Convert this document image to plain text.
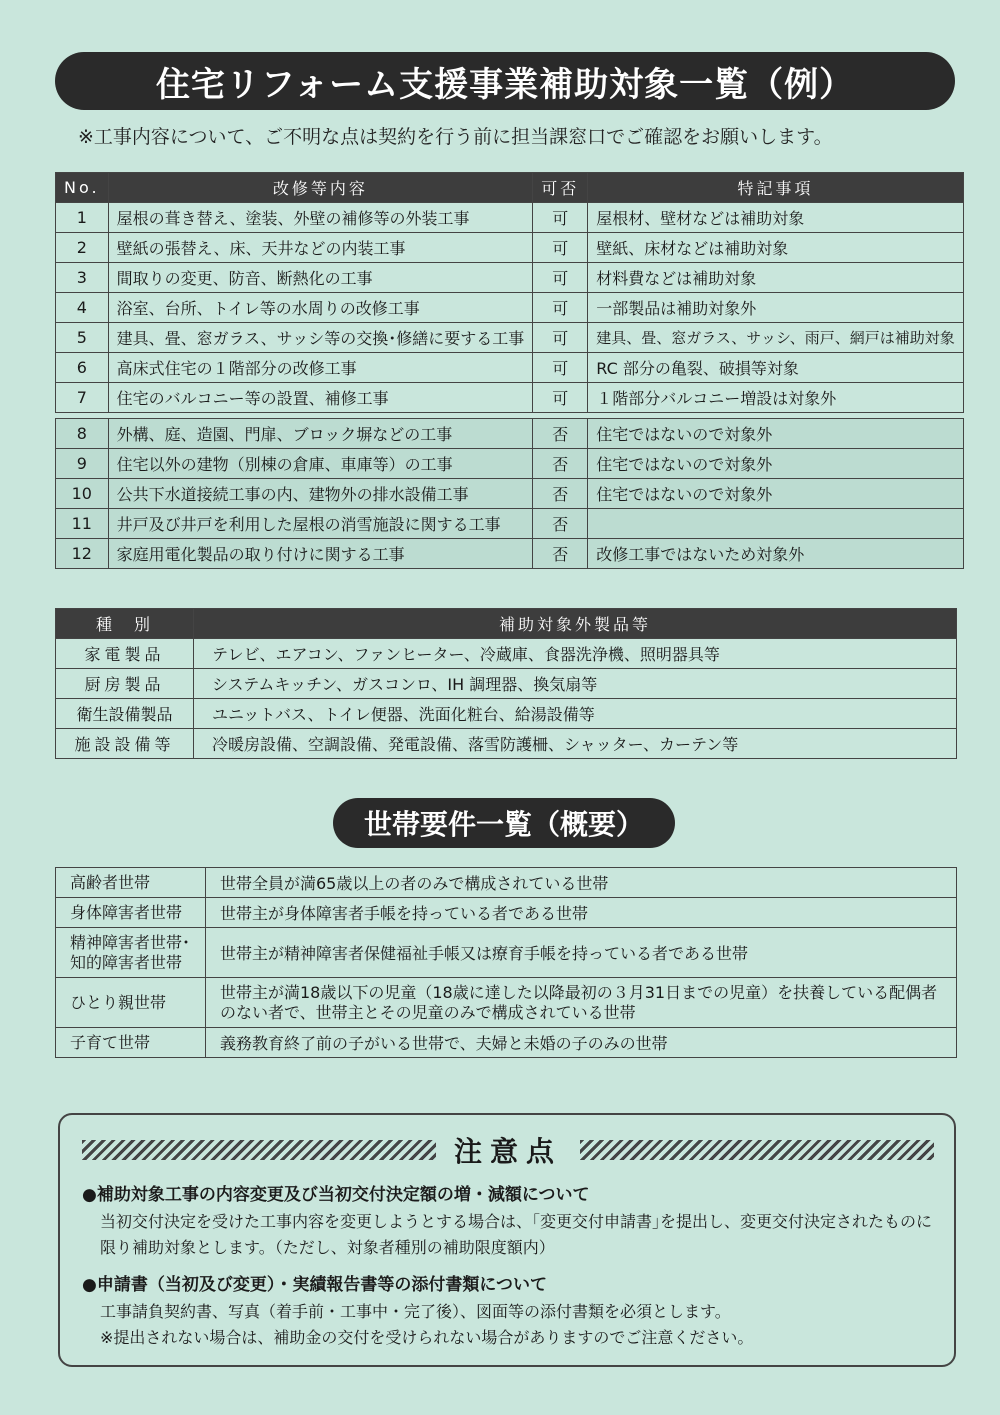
住宅リフォーム支援事業補助対象一覧（例）
※工事内容について、ご不明な点は契約を行う前に担当課窓口でご確認をお願いします。
No.	改修等内容	可否	特記事項
1	屋根の葺き替え、塗装、外壁の補修等の外装工事	可	屋根材、壁材などは補助対象
2	壁紙の張替え、床、天井などの内装工事	可	壁紙、床材などは補助対象
3	間取りの変更、防音、断熱化の工事	可	材料費などは補助対象
4	浴室、台所、トイレ等の水周りの改修工事	可	一部製品は補助対象外
5	建具、畳、窓ガラス、サッシ等の交換･修繕に要する工事	可	建具、畳、窓ガラス、サッシ、雨戸、網戸は補助対象
6	高床式住宅の１階部分の改修工事	可	RC 部分の亀裂、破損等対象
7	住宅のバルコニー等の設置、補修工事	可	１階部分バルコニー増設は対象外

8	外構、庭、造園、門扉、ブロック塀などの工事	否	住宅ではないので対象外
9	住宅以外の建物（別棟の倉庫、車庫等）の工事	否	住宅ではないので対象外
10	公共下水道接続工事の内、建物外の排水設備工事	否	住宅ではないので対象外
11	井戸及び井戸を利用した屋根の消雪施設に関する工事	否	
12	家庭用電化製品の取り付けに関する工事	否	改修工事ではないため対象外
種　別	補助対象外製品等
家電製品	テレビ、エアコン、ファンヒーター、冷蔵庫、食器洗浄機、照明器具等
厨房製品	システムキッチン、ガスコンロ、IH 調理器、換気扇等
衛生設備製品	ユニットバス、トイレ便器、洗面化粧台、給湯設備等
施設設備等	冷暖房設備、空調設備、発電設備、落雪防護柵、シャッター、カーテン等
世帯要件一覧（概要）
高齢者世帯	世帯全員が満65歳以上の者のみで構成されている世帯
身体障害者世帯	世帯主が身体障害者手帳を持っている者である世帯
精神障害者世帯･知的障害者世帯	世帯主が精神障害者保健福祉手帳又は療育手帳を持っている者である世帯
ひとり親世帯	世帯主が満18歳以下の児童（18歳に達した以降最初の３月31日までの児童）を扶養している配偶者のない者で、世帯主とその児童のみで構成されている世帯
子育て世帯	義務教育終了前の子がいる世帯で、夫婦と未婚の子のみの世帯
注意点
●補助対象工事の内容変更及び当初交付決定額の増・減額について
当初交付決定を受けた工事内容を変更しようとする場合は、｢変更交付申請書｣を提出し、変更交付決定されたものに限り補助対象とします。（ただし、対象者種別の補助限度額内）
●申請書（当初及び変更）・実績報告書等の添付書類について
工事請負契約書、写真（着手前・工事中・完了後）、図面等の添付書類を必須とします。
※提出されない場合は、補助金の交付を受けられない場合がありますのでご注意ください。
